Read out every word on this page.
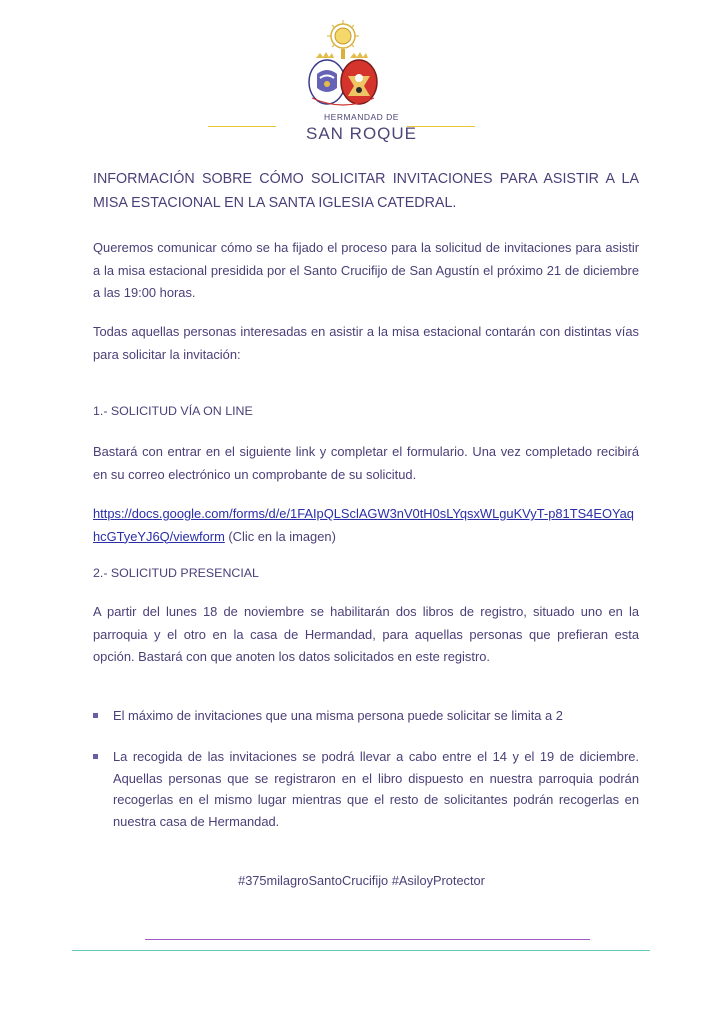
HERMANDAD DE
SAN ROQUE
INFORMACIÓN SOBRE CÓMO SOLICITAR INVITACIONES PARA ASISTIR A LA MISA ESTACIONAL EN LA SANTA IGLESIA CATEDRAL.
Queremos comunicar cómo se ha fijado el proceso para la solicitud de invitaciones para asistir a la misa estacional presidida por el Santo Crucifijo de San Agustín el próximo 21 de diciembre a las 19:00 horas.
Todas aquellas personas interesadas en asistir a la misa estacional contarán con distintas vías para solicitar la invitación:
1.- SOLICITUD VÍA ON LINE
Bastará con entrar en el siguiente link y completar el formulario. Una vez completado recibirá en su correo electrónico un comprobante de su solicitud.
https://docs.google.com/forms/d/e/1FAIpQLSclAGW3nV0tH0sLYqsxWLguKVyT-p81TS4EOYaqhcGTyeYJ6Q/viewform (Clic en la imagen)
2.- SOLICITUD PRESENCIAL
A partir del lunes 18 de noviembre se habilitarán dos libros de registro, situado uno en la parroquia y el otro en la casa de Hermandad, para aquellas personas que prefieran esta opción. Bastará con que anoten los datos solicitados en este registro.
El máximo de invitaciones que una misma persona puede solicitar se limita a 2
La recogida de las invitaciones se podrá llevar a cabo entre el 14 y el 19 de diciembre. Aquellas personas que se registraron en el libro dispuesto en nuestra parroquia podrán recogerlas en el mismo lugar mientras que el resto de solicitantes podrán recogerlas en nuestra casa de Hermandad.
#375milagroSantoCrucifijo #AsiloyProtector
